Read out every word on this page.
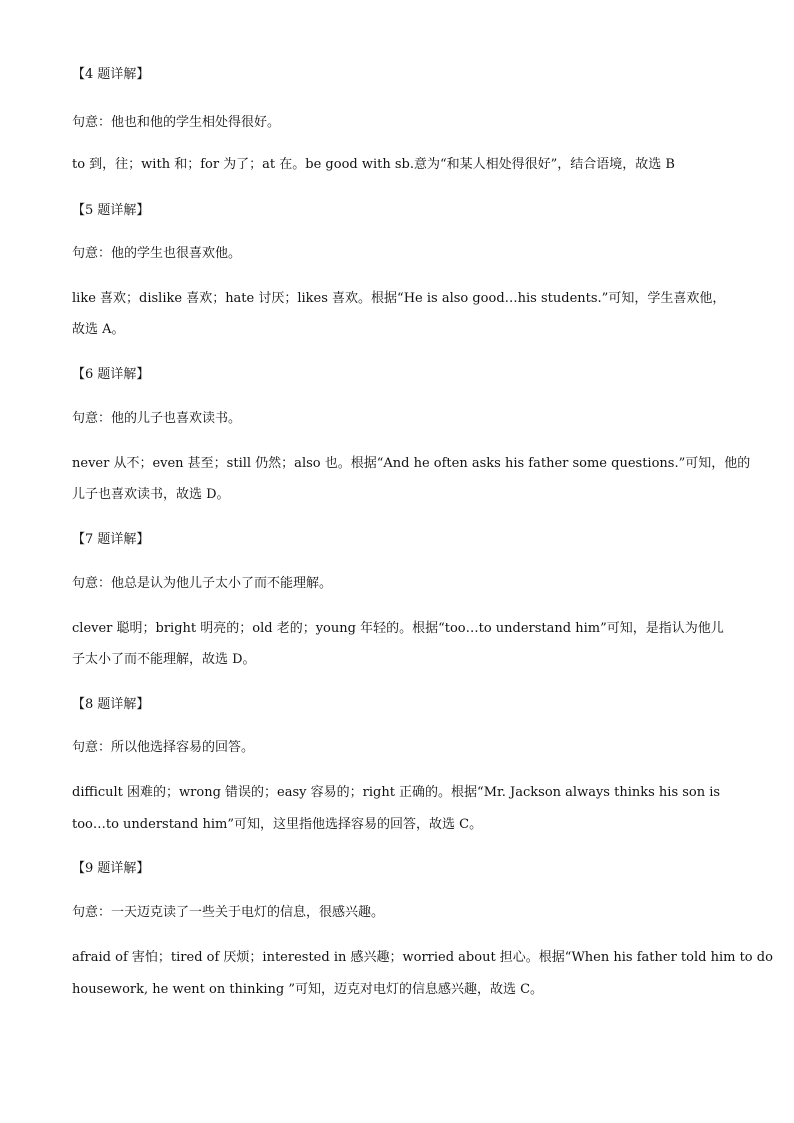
【4 题详解】
句意：他也和他的学生相处得很好。
to 到，往；with 和；for 为了；at 在。be good with sb.意为“和某人相处得很好”，结合语境，故选 B
【5 题详解】
句意：他的学生也很喜欢他。
like 喜欢；dislike 喜欢；hate 讨厌；likes 喜欢。根据“He is also good…his students.”可知，学生喜欢他，
故选 A。
【6 题详解】
句意：他的儿子也喜欢读书。
never 从不；even 甚至；still 仍然；also 也。根据“And he often asks his father some questions.”可知，他的
儿子也喜欢读书，故选 D。
【7 题详解】
句意：他总是认为他儿子太小了而不能理解。
clever 聪明；bright 明亮的；old 老的；young 年轻的。根据“too…to understand him”可知，是指认为他儿
子太小了而不能理解，故选 D。
【8 题详解】
句意：所以他选择容易的回答。
difficult 困难的；wrong 错误的；easy 容易的；right 正确的。根据“Mr. Jackson always thinks his son is
too…to understand him”可知，这里指他选择容易的回答，故选 C。
【9 题详解】
句意：一天迈克读了一些关于电灯的信息，很感兴趣。
afraid of 害怕；tired of 厌烦；interested in 感兴趣；worried about 担心。根据“When his father told him to do
housework, he went on thinking ”可知，迈克对电灯的信息感兴趣，故选 C。
